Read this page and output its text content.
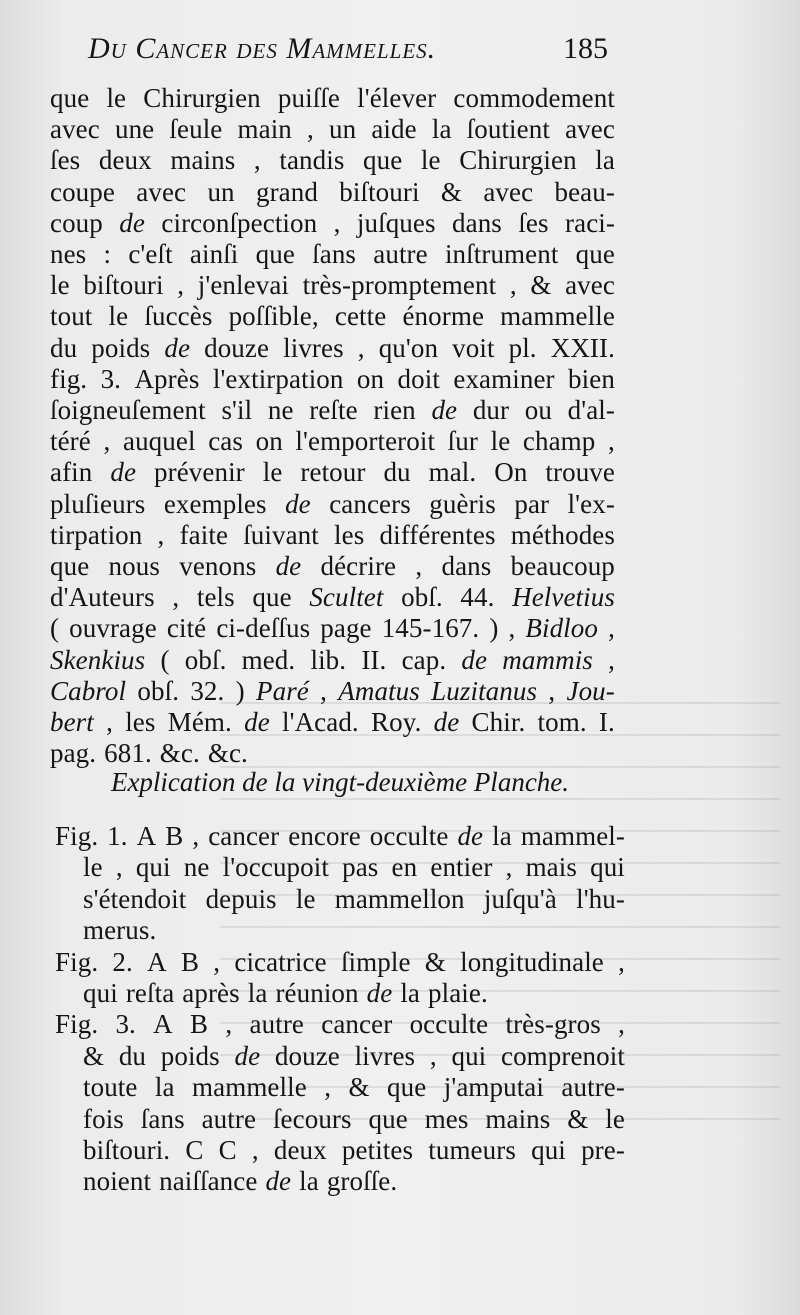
Du Cancer des Mammelles.	185
que le Chirurgien puiſſe l'élever commodement
avec une ſeule main , un aide la ſoutient avec
ſes deux mains , tandis que le Chirurgien la
coupe avec un grand biſtouri & avec beau-
coup de circonſpection , juſques dans ſes raci-
nes : c'eſt ainſi que ſans autre inſtrument que
le biſtouri , j'enlevai très-promptement , & avec
tout le ſuccès poſſible, cette énorme mammelle
du poids de douze livres , qu'on voit pl. XXII.
fig. 3. Après l'extirpation on doit examiner bien
ſoigneuſement s'il ne reſte rien de dur ou d'al-
téré , auquel cas on l'emporteroit ſur le champ ,
afin de prévenir le retour du mal. On trouve
pluſieurs exemples de cancers guèris par l'ex-
tirpation , faite ſuivant les différentes méthodes
que nous venons de décrire , dans beaucoup
d'Auteurs , tels que Scultet obſ. 44. Helvetius
( ouvrage cité ci-deſſus page 145-167. ) , Bidloo ,
Skenkius ( obſ. med. lib. II. cap. de mammis ,
Cabrol obſ. 32. ) Paré , Amatus Luzitanus , Jou-
bert , les Mém. de l'Acad. Roy. de Chir. tom. I.
pag. 681. &c. &c.
Explication de la vingt-deuxième Planche.
Fig. 1. A B , cancer encore occulte de la mammel-
le , qui ne l'occupoit pas en entier , mais qui
s'étendoit depuis le mammellon juſqu'à l'hu-
merus.
Fig. 2. A B , cicatrice ſimple & longitudinale ,
qui reſta après la réunion de la plaie.
Fig. 3. A B , autre cancer occulte très-gros ,
& du poids de douze livres , qui comprenoit
toute la mammelle , & que j'amputai autre-
fois ſans autre ſecours que mes mains & le
biſtouri. C C , deux petites tumeurs qui pre-
noient naiſſance de la groſſe.
